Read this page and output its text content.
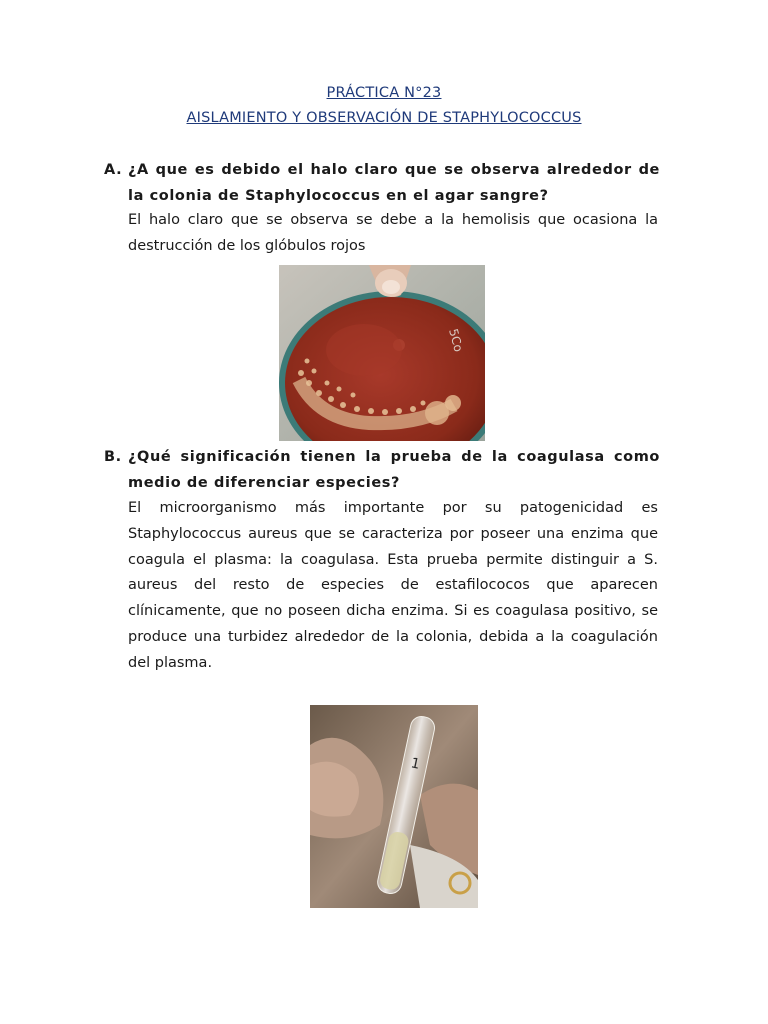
PRÁCTICA N°23
AISLAMIENTO Y OBSERVACIÓN DE STAPHYLOCOCCUS
A. ¿A que es debido el halo claro que se observa alrededor de la colonia de Staphylococcus en el agar sangre?
El halo claro que se observa se debe a la hemolisis que ocasiona la destrucción de los glóbulos rojos
5Co
B. ¿Qué significación tienen la prueba de la coagulasa como medio de diferenciar especies?
El microorganismo más importante por su patogenicidad es Staphylococcus aureus que se caracteriza por poseer una enzima que coagula el plasma: la coagulasa. Esta prueba permite distinguir a S. aureus del resto de especies de estafilococos que aparecen clínicamente, que no poseen dicha enzima. Si es coagulasa positivo, se produce una turbidez alrededor de la colonia, debida a la coagulación del plasma.
1
